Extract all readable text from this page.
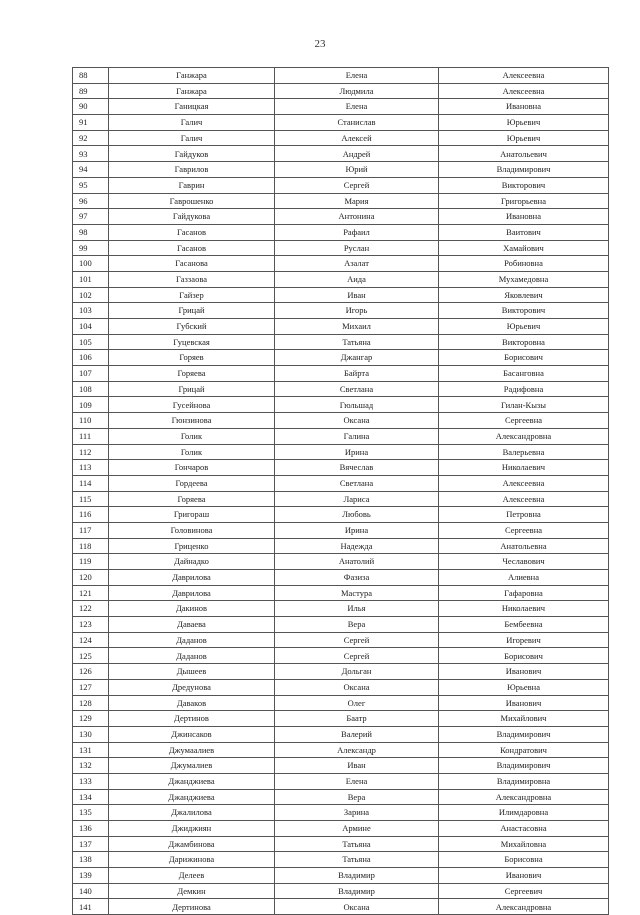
23
88	Ганжара	Елена	Алексеевна
89	Ганжара	Людмила	Алексеевна
90	Ганицкая	Елена	Ивановна
91	Галич	Станислав	Юрьевич
92	Галич	Алексей	Юрьевич
93	Гайдуков	Андрей	Анатольевич
94	Гаврилов	Юрий	Владимирович
95	Гаврин	Сергей	Викторович
96	Гаврошенко	Мария	Григорьевна
97	Гайдукова	Антонина	Ивановна
98	Гасанов	Рафаил	Ваитович
99	Гасанов	Руслан	Хамайович
100	Гасанова	Азалат	Робиновна
101	Газзаова	Аида	Мухамедовна
102	Гайзер	Иван	Яковлевич
103	Грицай	Игорь	Викторович
104	Губский	Михаил	Юрьевич
105	Гуцевская	Татьяна	Викторовна
106	Горяев	Джангар	Борисович
107	Горяева	Байрта	Басанговна
108	Грицай	Светлана	Радифовна
109	Гусейнова	Гюльшад	Гилан-Кызы
110	Гюнзинова	Оксана	Сергеевна
111	Голик	Галина	Александровна
112	Голик	Ирина	Валерьевна
113	Гончаров	Вячеслав	Николаевич
114	Гордеева	Светлана	Алексеевна
115	Горяева	Лариса	Алексеевна
116	Григораш	Любовь	Петровна
117	Головинова	Ирина	Сергеевна
118	Гриценко	Надежда	Анатольевна
119	Дайнадко	Анатолий	Чеславович
120	Даврилова	Фазиза	Алиевна
121	Даврилова	Мастура	Гафаровна
122	Дакинов	Илья	Николаевич
123	Даваева	Вера	Бембеевна
124	Даданов	Сергей	Игоревич
125	Даданов	Сергей	Борисович
126	Дышеев	Дольган	Иванович
127	Дредунова	Оксана	Юрьевна
128	Даваков	Олег	Иванович
129	Дертинов	Баатр	Михайлович
130	Джинсаков	Валерий	Владимирович
131	Джумаалиев	Александр	Кондратович
132	Джумалиев	Иван	Владимирович
133	Джанджиева	Елена	Владимировна
134	Джанджиева	Вера	Александровна
135	Джалилова	Зарина	Илимдаровна
136	Джиджиян	Армине	Анастасовна
137	Джамбинова	Татьяна	Михайловна
138	Дарижинова	Татьяна	Борисовна
139	Делеев	Владимир	Иванович
140	Демкин	Владимир	Сергеевич
141	Дертинова	Оксана	Александровна
